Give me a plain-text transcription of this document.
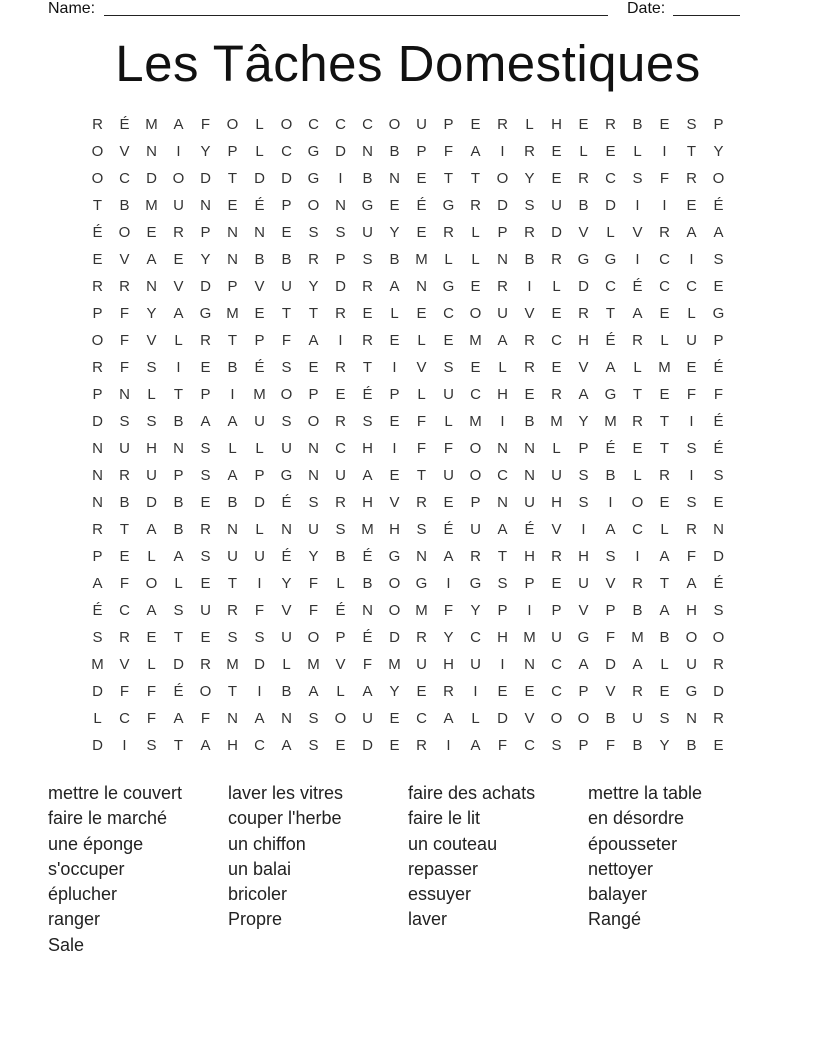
Name:	Date:
Les Tâches Domestiques
R	É	M	A	F	O	L	O	C	C	C	O	U	P	E	R	L	H	E	R	B	E	S	P
O	V	N	I	Y	P	L	C	G	D	N	B	P	F	A	I	R	E	L	E	L	I	T	Y
O	C	D	O	D	T	D	D	G	I	B	N	E	T	T	O	Y	E	R	C	S	F	R	O
T	B	M	U	N	E	É	P	O	N	G	E	É	G	R	D	S	U	B	D	I	I	E	É
É	O	E	R	P	N	N	E	S	S	U	Y	E	R	L	P	R	D	V	L	V	R	A	A
E	V	A	E	Y	N	B	B	R	P	S	B	M	L	L	N	B	R	G	G	I	C	I	S
R	R	N	V	D	P	V	U	Y	D	R	A	N	G	E	R	I	L	D	C	É	C	C	E
P	F	Y	A	G M	E	T	T	R	E	L	E	C	O	U	V	E	R	T	A	E	L	G
O	F	V	L	R	T	P	F	A	I	R	E	L	E	M	A	R	C	H	É	R	L	U	P
R	F	S	I	E	B	É	S	E	R	T	I	V	S	E	L	R	E	V	A	L	M	E	É
P	N	L	T	P	I	M O	P	E	É	P	L	U	C	H	E	R	A	G	T	E	F	F
D	S	S	B	A	A	U	S	O	R	S	E	F	L	M	I	B	M	Y	M	R	T	I	É
N	U	H	N	S	L	L	U	N	C	H	I	F	F	O	N	N	L	P	É	E	T	S	É
N	R	U	P	S	A	P	G	N	U	A	E	T	U	O	C	N	U	S	B	L	R	I	S
N	B	D	B	E	B	D	É	S	R	H	V	R	E	P	N	U	H	S	I	O	E	S	E
R	T	A	B	R	N	L	N	U	S	M	H	S	É	U	A	É	V	I	A	C	L	R	N
P	E	L	A	S	U	U	É	Y	B	É	G	N	A	R	T	H	R	H	S	I	A	F	D
A	F	O	L	E	T	I	Y	F	L	B	O	G	I	G	S	P	E	U	V	R	T	A	É
É	C	A	S	U	R	F	V	F	É	N	O M	F	Y	P	I	P	V	P	B	A	H	S
S	R	E	T	E	S	S	U	O	P	É	D	R	Y	C	H	M	U	G	F	M	B	O	O
M	V	L	D	R	M	D	L	M	V	F	M	U	H	U	I	N	C	A	D	A	L	U	R
D	F	F	É	O	T	I	B	A	L	A	Y	E	R	I	E	E	C	P	V	R	E	G	D
L	C	F	A	F	N	A	N	S	O	U	E	C	A	L	D	V	O	O	B	U	S	N	R
D	I	S	T	A	H	C	A	S	E	D	E	R	I	A	F	C	S	P	F	B	Y	B	E
mettre le couvert	laver les vitres	faire des achats	mettre la table
faire le marché	couper l'herbe	faire le lit	en désordre
une éponge	un chiffon	un couteau	épousseter
s'occuper	un balai	repasser	nettoyer
éplucher	bricoler	essuyer	balayer
ranger	Propre	laver	Rangé
Sale
